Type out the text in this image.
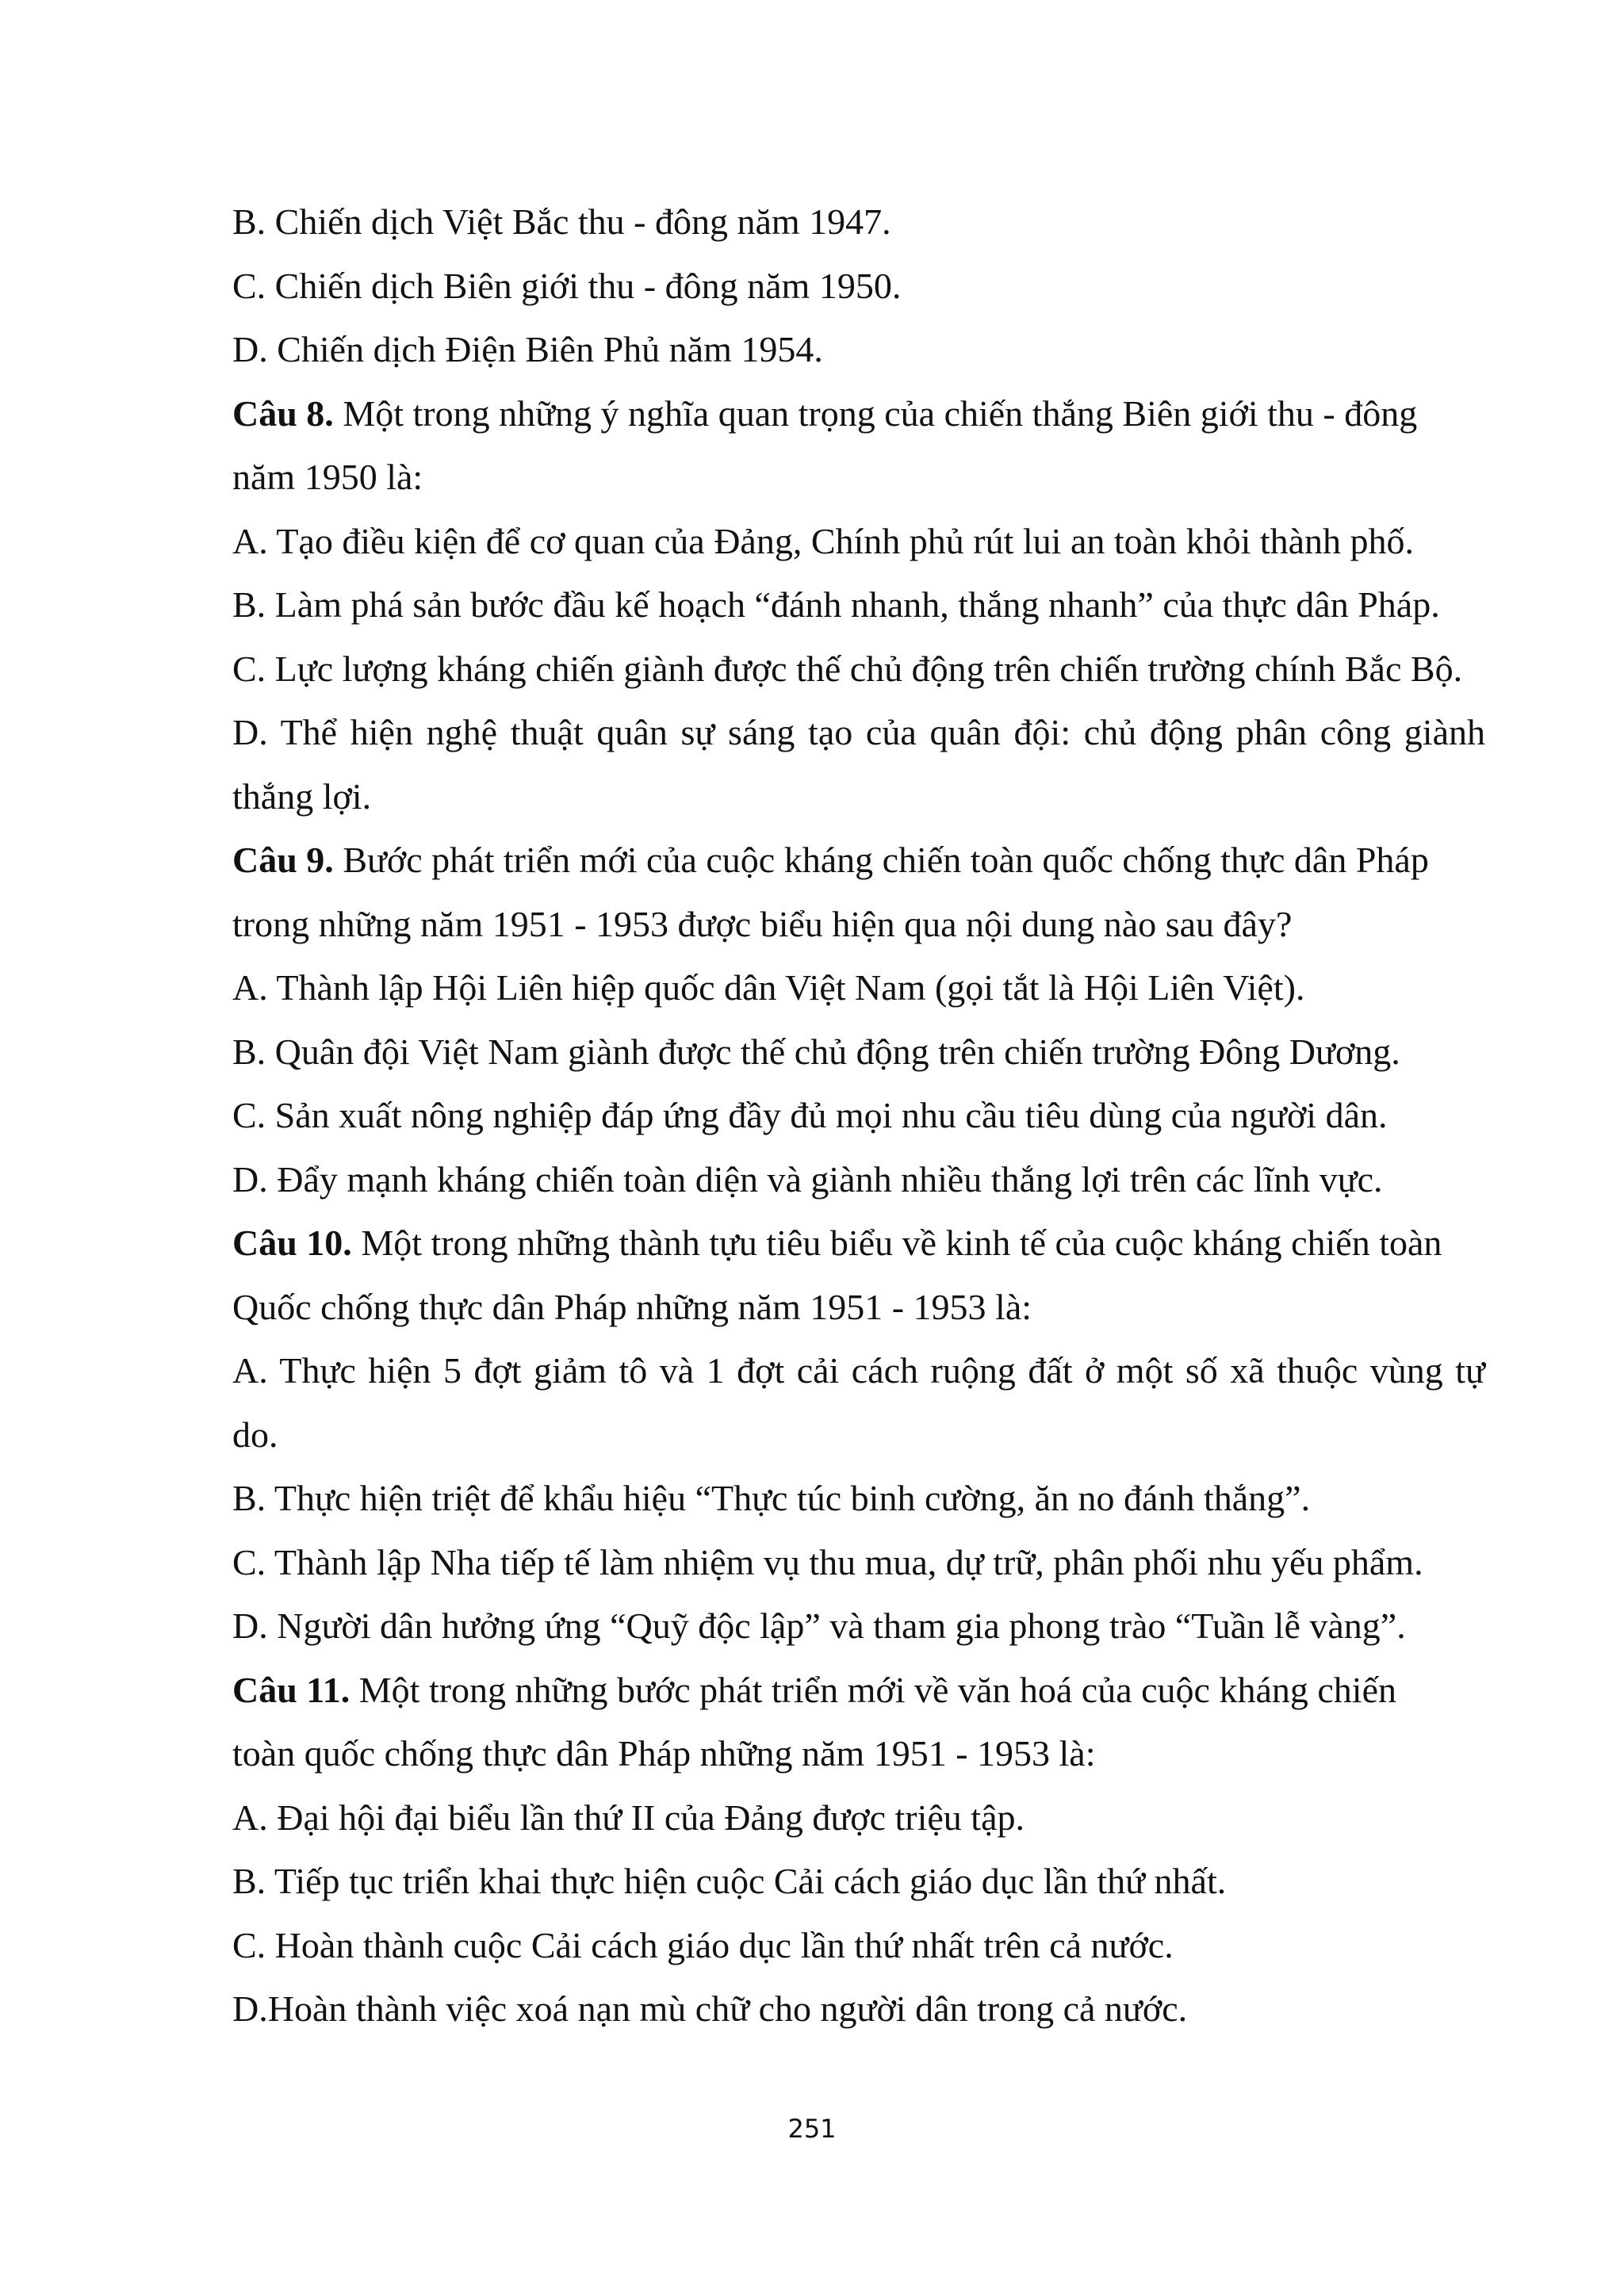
B. Chiến dịch Việt Bắc thu - đông năm 1947.
C. Chiến dịch Biên giới thu - đông năm 1950.
D. Chiến dịch Điện Biên Phủ năm 1954.
Câu 8. Một trong những ý nghĩa quan trọng của chiến thắng Biên giới thu - đông
năm 1950 là:
A. Tạo điều kiện để cơ quan của Đảng, Chính phủ rút lui an toàn khỏi thành phố.
B. Làm phá sản bước đầu kế hoạch “đánh nhanh, thắng nhanh” của thực dân Pháp.
C. Lực lượng kháng chiến giành được thế chủ động trên chiến trường chính Bắc Bộ.
D. Thể hiện nghệ thuật quân sự sáng tạo của quân đội: chủ động phân công giành
thắng lợi.
Câu 9. Bước phát triển mới của cuộc kháng chiến toàn quốc chống thực dân Pháp
trong những năm 1951 - 1953 được biểu hiện qua nội dung nào sau đây?
A. Thành lập Hội Liên hiệp quốc dân Việt Nam (gọi tắt là Hội Liên Việt).
B. Quân đội Việt Nam giành được thế chủ động trên chiến trường Đông Dương.
C. Sản xuất nông nghiệp đáp ứng đầy đủ mọi nhu cầu tiêu dùng của người dân.
D. Đẩy mạnh kháng chiến toàn diện và giành nhiều thắng lợi trên các lĩnh vực.
Câu 10. Một trong những thành tựu tiêu biểu về kinh tế của cuộc kháng chiến toàn
Quốc chống thực dân Pháp những năm 1951 - 1953 là:
A. Thực hiện 5 đợt giảm tô và 1 đợt cải cách ruộng đất ở một số xã thuộc vùng tự
do.
B. Thực hiện triệt để khẩu hiệu “Thực túc binh cường, ăn no đánh thắng”.
C. Thành lập Nha tiếp tế làm nhiệm vụ thu mua, dự trữ, phân phối nhu yếu phẩm.
D. Người dân hưởng ứng “Quỹ độc lập” và tham gia phong trào “Tuần lễ vàng”.
Câu 11. Một trong những bước phát triển mới về văn hoá của cuộc kháng chiến
toàn quốc chống thực dân Pháp những năm 1951 - 1953 là:
A. Đại hội đại biểu lần thứ II của Đảng được triệu tập.
B. Tiếp tục triển khai thực hiện cuộc Cải cách giáo dục lần thứ nhất.
C. Hoàn thành cuộc Cải cách giáo dục lần thứ nhất trên cả nước.
D.Hoàn thành việc xoá nạn mù chữ cho người dân trong cả nước.
251
